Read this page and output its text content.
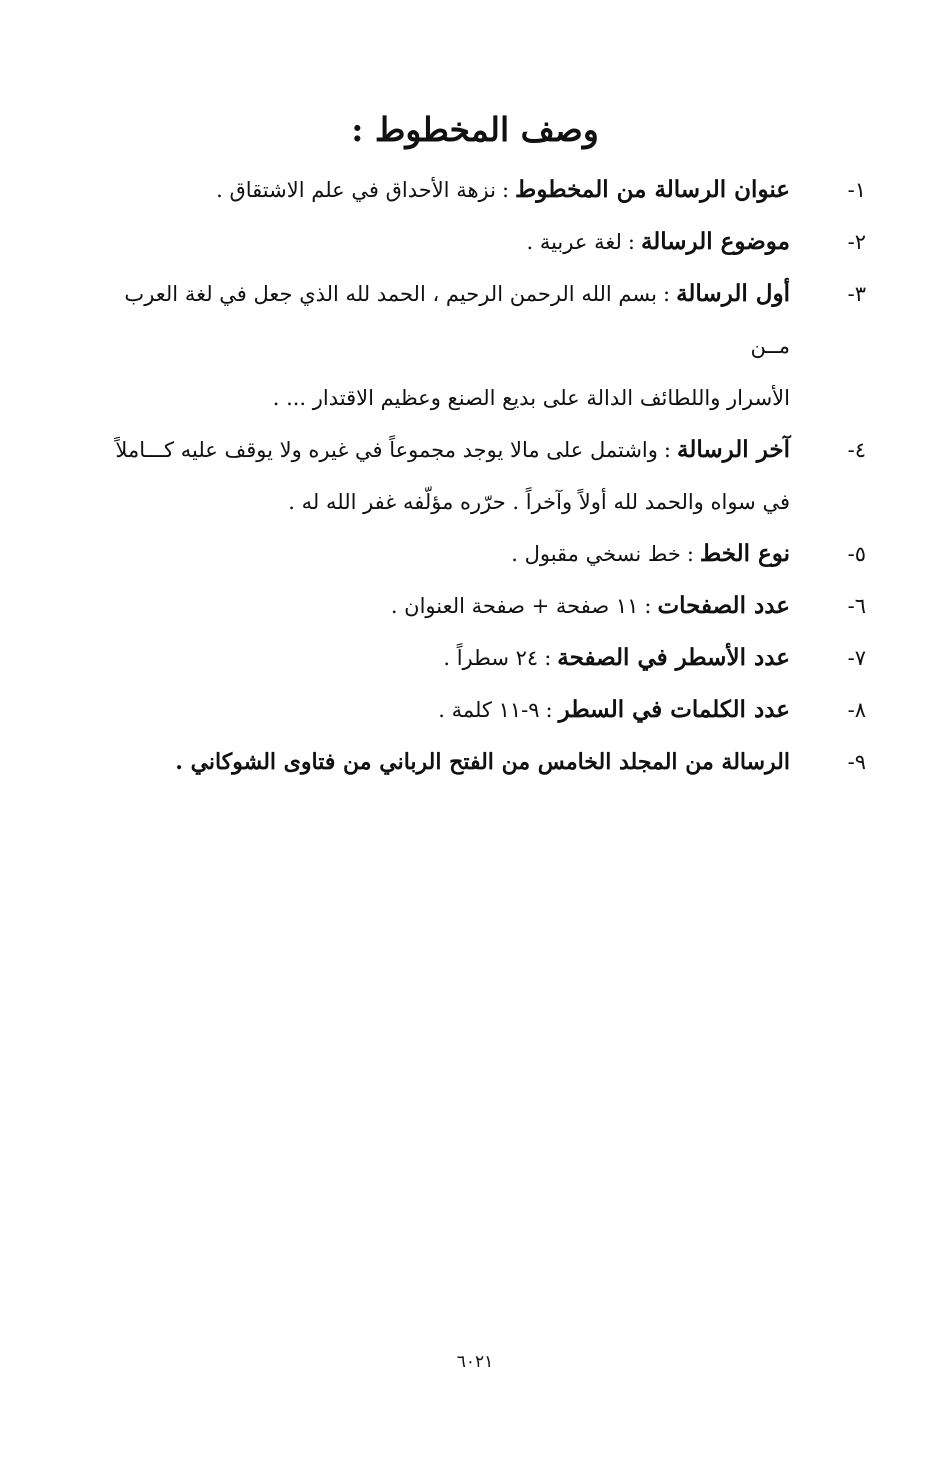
وصف المخطوط :
١-
عنوان الرسالة من المخطوط:نزهة الأحداق في علم الاشتقاق .
٢-
موضوع الرسالة:لغة عربية .
٣-
أول الرسالة:بسم الله الرحمن الرحيم ، الحمد لله الذي جعل في لغة العرب مــن
الأسرار واللطائف الدالة على بديع الصنع وعظيم الاقتدار ... .
٤-
آخر الرسالة:واشتمل على مالا يوجد مجموعاً في غيره ولا يوقف عليه كـــاملاً
في سواه والحمد لله أولاً وآخراً . حرّره مؤلّفه غفر الله له .
٥-
نوع الخط:خط نسخي مقبول .
٦-
عدد الصفحات:١١ صفحة + صفحة العنوان .
٧-
عدد الأسطر في الصفحة:٢٤ سطراً .
٨-
عدد الكلمات في السطر:٩-١١ كلمة .
٩-
الرسالة من المجلد الخامس من الفتح الرباني من فتاوى الشوكاني .
٦٠٢١
